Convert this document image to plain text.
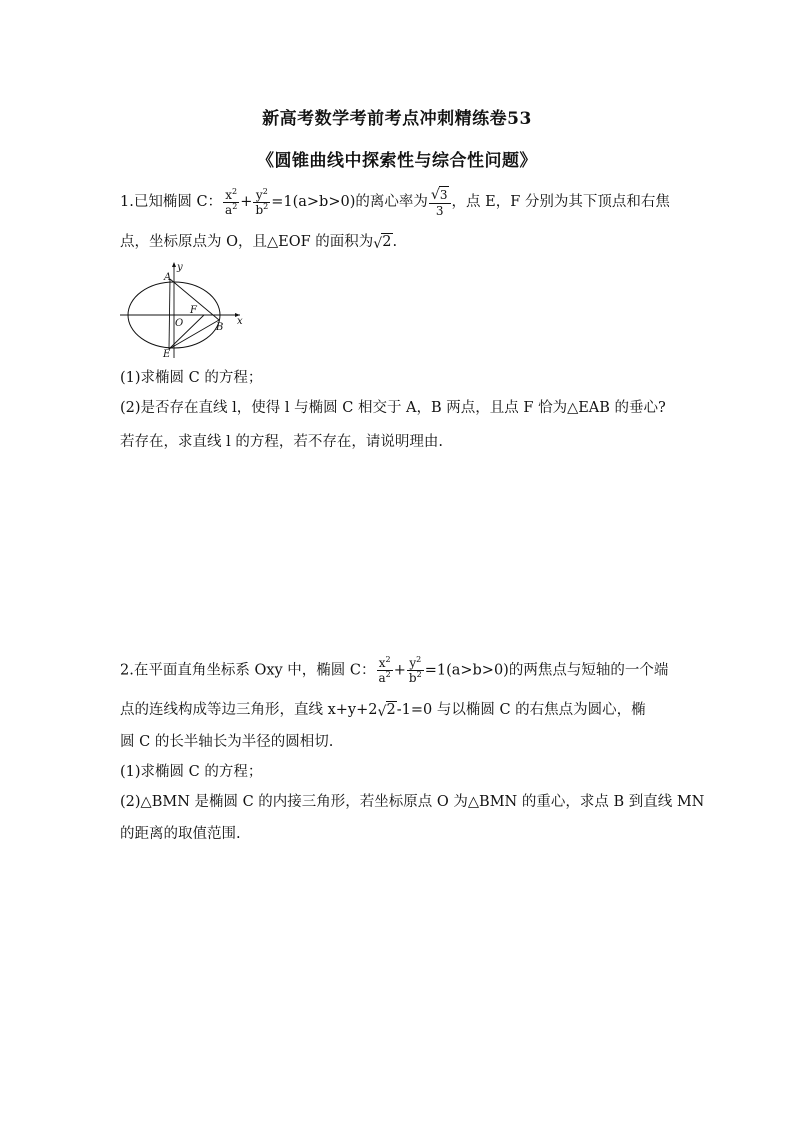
新高考数学考前考点冲刺精练卷53
《圆锥曲线中探索性与综合性问题》
1.已知椭圆 C： $\frac{x^2}{a^2} + \frac{y^2}{b^2} =1(a>b>0)$的离心率为 $\frac{√ 3}{3}$ ，点 E，F 分别为其下顶点和右焦
点，坐标原点为 O，且△EOF 的面积为 √ 2.
y
x
A
O
F
B
E
(1)求椭圆 C 的方程；
(2)是否存在直线 l，使得 l 与椭圆 C 相交于 A，B 两点，且点 F 恰为△EAB 的垂心?
若存在，求直线 l 的方程，若不存在，请说明理由.
2.在平面直角坐标系 Oxy 中，椭圆 C： $\frac{x^2}{a^2} + \frac{y^2}{b^2} =1(a>b>0)$的两焦点与短轴的一个端
点的连线构成等边三角形，直线 x+y+2 √ 2-1=0 与以椭圆 C 的右焦点为圆心，椭
圆 C 的长半轴长为半径的圆相切.
(1)求椭圆 C 的方程；
(2)△BMN 是椭圆 C 的内接三角形，若坐标原点 O 为△BMN 的重心，求点 B 到直线 MN
的距离的取值范围.
